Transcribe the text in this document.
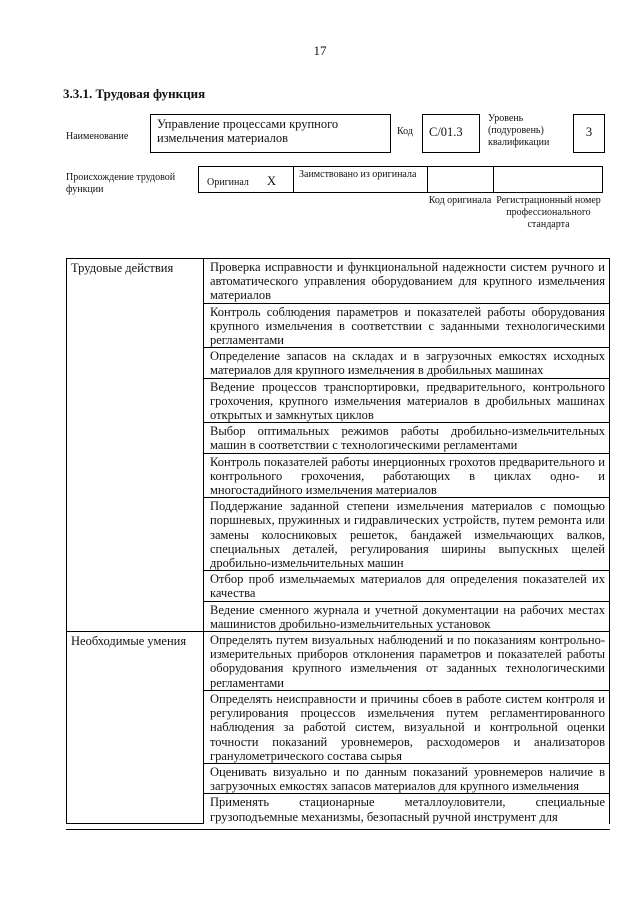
17
3.3.1. Трудовая функция
Наименование
Управление процессами крупного измельчения материалов	Код C/01.3
Уровень (подуровень) квалификации
3
Происхождение трудовой функции
Оригинал X Заимствовано из оригинала
Код оригинала Регистрационный номер профессионального стандарта
Трудовые действия	Проверка исправности и функциональной надежности систем ручного и автоматического управления оборудованием для крупного измельчения материалов
	Контроль соблюдения параметров и показателей работы оборудования крупного измельчения в соответствии с заданными технологическими регламентами
	Определение запасов на складах и в загрузочных емкостях исходных материалов для крупного измельчения в дробильных машинах
	Ведение процессов транспортировки, предварительного, контрольного грохочения, крупного измельчения материалов в дробильных машинах открытых и замкнутых циклов
	Выбор оптимальных режимов работы дробильно-измельчительных машин в соответствии с технологическими регламентами
	Контроль показателей работы инерционных грохотов предварительного и контрольного грохочения, работающих в циклах одно- и многостадийного измельчения материалов
	Поддержание заданной степени измельчения материалов с помощью поршневых, пружинных и гидравлических устройств, путем ремонта или замены колосниковых решеток, бандажей измельчающих валков, специальных деталей, регулирования ширины выпускных щелей дробильно-измельчительных машин
	Отбор проб измельчаемых материалов для определения показателей их качества
	Ведение сменного журнала и учетной документации на рабочих местах машинистов дробильно-измельчительных установок
Необходимые умения	Определять путем визуальных наблюдений и по показаниям контрольно-измерительных приборов отклонения параметров и показателей работы оборудования крупного измельчения от заданных технологическими регламентами
	Определять неисправности и причины сбоев в работе систем контроля и регулирования процессов измельчения путем регламентированного наблюдения за работой систем, визуальной и контрольной оценки точности показаний уровнемеров, расходомеров и анализаторов гранулометрического состава сырья
	Оценивать визуально и по данным показаний уровнемеров наличие в загрузочных емкостях запасов материалов для крупного измельчения
	Применять стационарные металлоуловители, специальные грузоподъемные механизмы, безопасный ручной инструмент для
